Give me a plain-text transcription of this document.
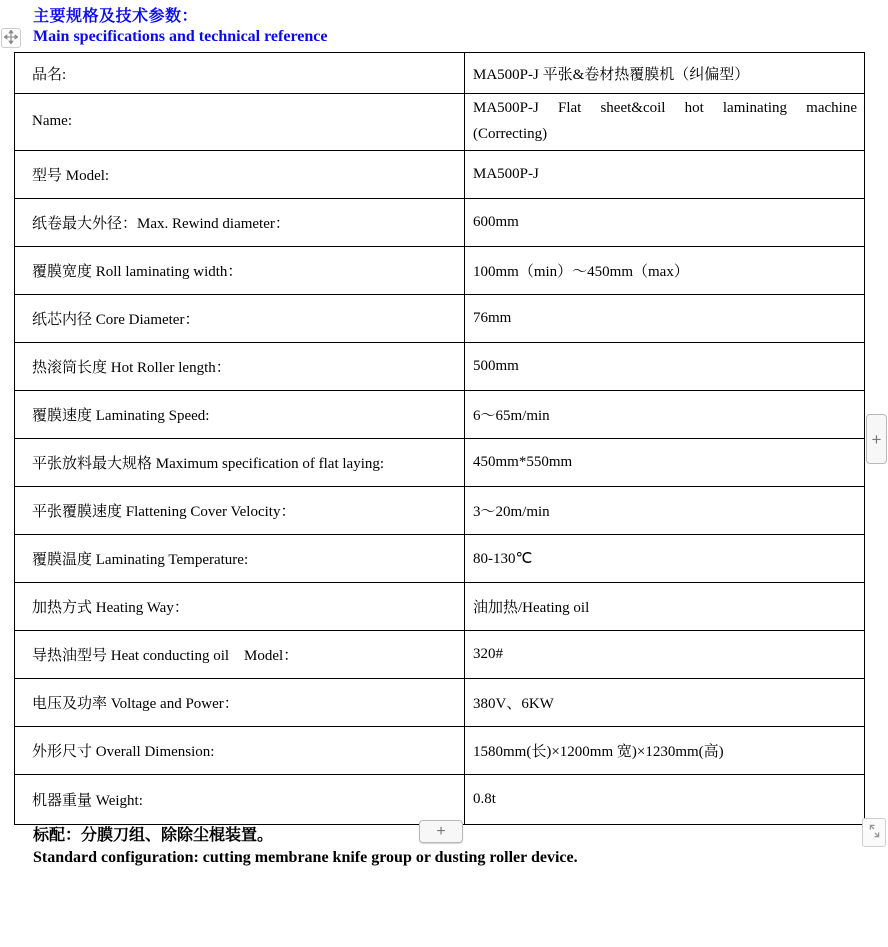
主要规格及技术参数：
Main specifications and technical reference
品名:	MA500P-J 平张&卷材热覆膜机（纠偏型）
Name:	MA500P-J Flat sheet&coil hot laminating machine (Correcting)
型号 Model:	MA500P-J
纸卷最大外径：Max. Rewind diameter：	600mm
覆膜宽度 Roll laminating width：	100mm（min）～450mm（max）
纸芯内径 Core Diameter：	76mm
热滚筒长度 Hot Roller length：	500mm
覆膜速度 Laminating Speed:	6～65m/min
平张放料最大规格 Maximum specification of flat laying:	450mm*550mm
平张覆膜速度 Flattening Cover Velocity：	3～20m/min
覆膜温度 Laminating Temperature:	80-130℃
加热方式 Heating Way：	油加热/Heating oil
导热油型号 Heat conducting oil　Model：	320#
电压及功率 Voltage and Power：	380V、6KW
外形尺寸 Overall Dimension:	1580mm(长)×1200mm 宽)×1230mm(高)
机器重量 Weight:	0.8t
+
标配：分膜刀组、除除尘棍装置。	+
Standard configuration: cutting membrane knife group or dusting roller device.
